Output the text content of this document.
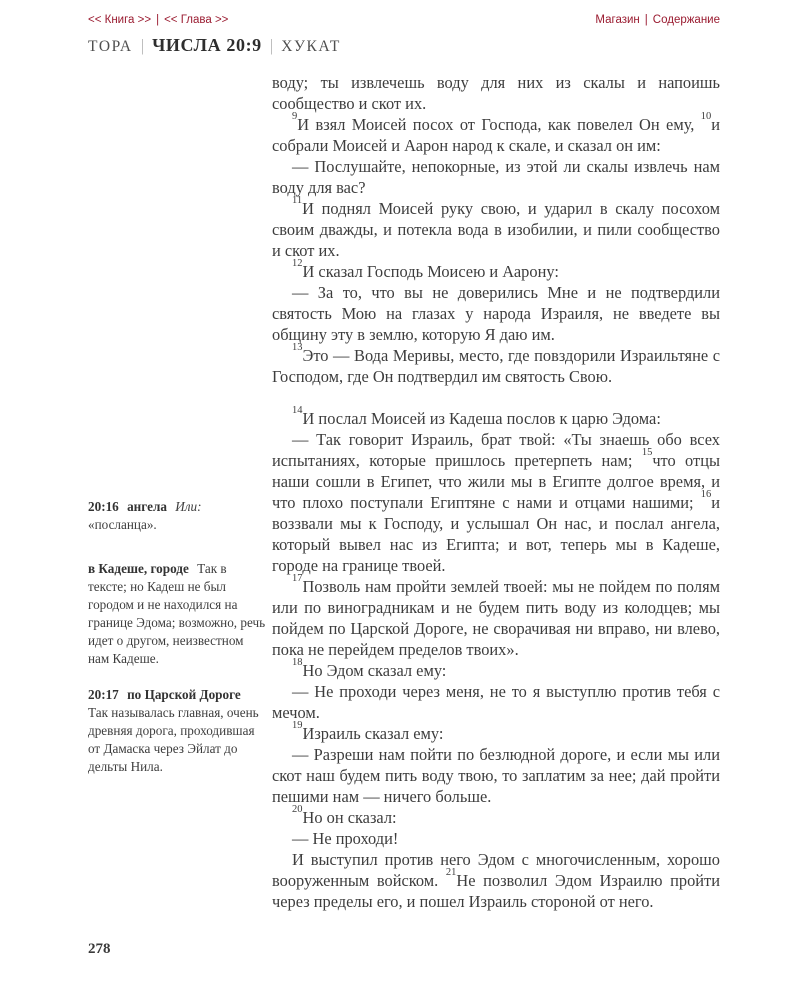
<< Книга >> | << Глава >>	Магазин | Содержание
ТОРА | ЧИСЛА 20:9 | ХУКАТ
20:16 ангела Или: «посланца».
в Кадеше, городе Так в тексте; но Кадеш не был городом и не находился на границе Эдома; возможно, речь идет о другом, неизвестном нам Кадеше.
20:17 по Царской Дороге Так называлась главная, очень древняя дорога, проходившая от Дамаска через Эйлат до дельты Нила.

воду; ты извлечешь воду для них из скалы и напоишь сообщество и скот их.

$^9$И взял Моисей посох от Господа, как повелел Он ему, $^{10}$и собрали Моисей и Аарон народ к скале, и сказал он им:

— Послушайте, непокорные, из этой ли скалы извлечь нам воду для вас?

$^{11}$И поднял Моисей руку свою, и ударил в скалу посохом своим дважды, и потекла вода в изобилии, и пили сообщество и скот их.

$^{12}$И сказал Господь Моисею и Аарону:

— За то, что вы не доверились Мне и не подтвердили святость Мою на глазах у народа Израиля, не введете вы общину эту в землю, которую Я даю им.

$^{13}$Это — Вода Меривы, место, где повздорили Израильтяне с Господом, где Он подтвердил им святость Свою.

$^{14}$И послал Моисей из Кадеша послов к царю Эдома:

— Так говорит Израиль, брат твой: «Ты знаешь обо всех испытаниях, которые пришлось претерпеть нам; $^{15}$что отцы наши сошли в Египет, что жили мы в Египте долгое время, и что плохо поступали Египтяне с нами и отцами нашими; $^{16}$и воззвали мы к Господу, и услышал Он нас, и послал ангела, который вывел нас из Египта; и вот, теперь мы в Кадеше, городе на границе твоей.

$^{17}$Позволь нам пройти землей твоей: мы не пойдем по полям или по виноградникам и не будем пить воду из колодцев; мы пойдем по Царской Дороге, не сворачивая ни вправо, ни влево, пока не перейдем пределов твоих».

$^{18}$Но Эдом сказал ему:

— Не проходи через меня, не то я выступлю против тебя с мечом.

$^{19}$Израиль сказал ему:

— Разреши нам пойти по безлюдной дороге, и если мы или скот наш будем пить воду твою, то заплатим за нее; дай пройти пешими нам — ничего больше.

$^{20}$Но он сказал:

— Не проходи!

И выступил против него Эдом с многочисленным, хорошо вооруженным войском. $^{21}$Не позволил Эдом Израилю пройти через пределы его, и пошел Израиль стороной от него.

278
